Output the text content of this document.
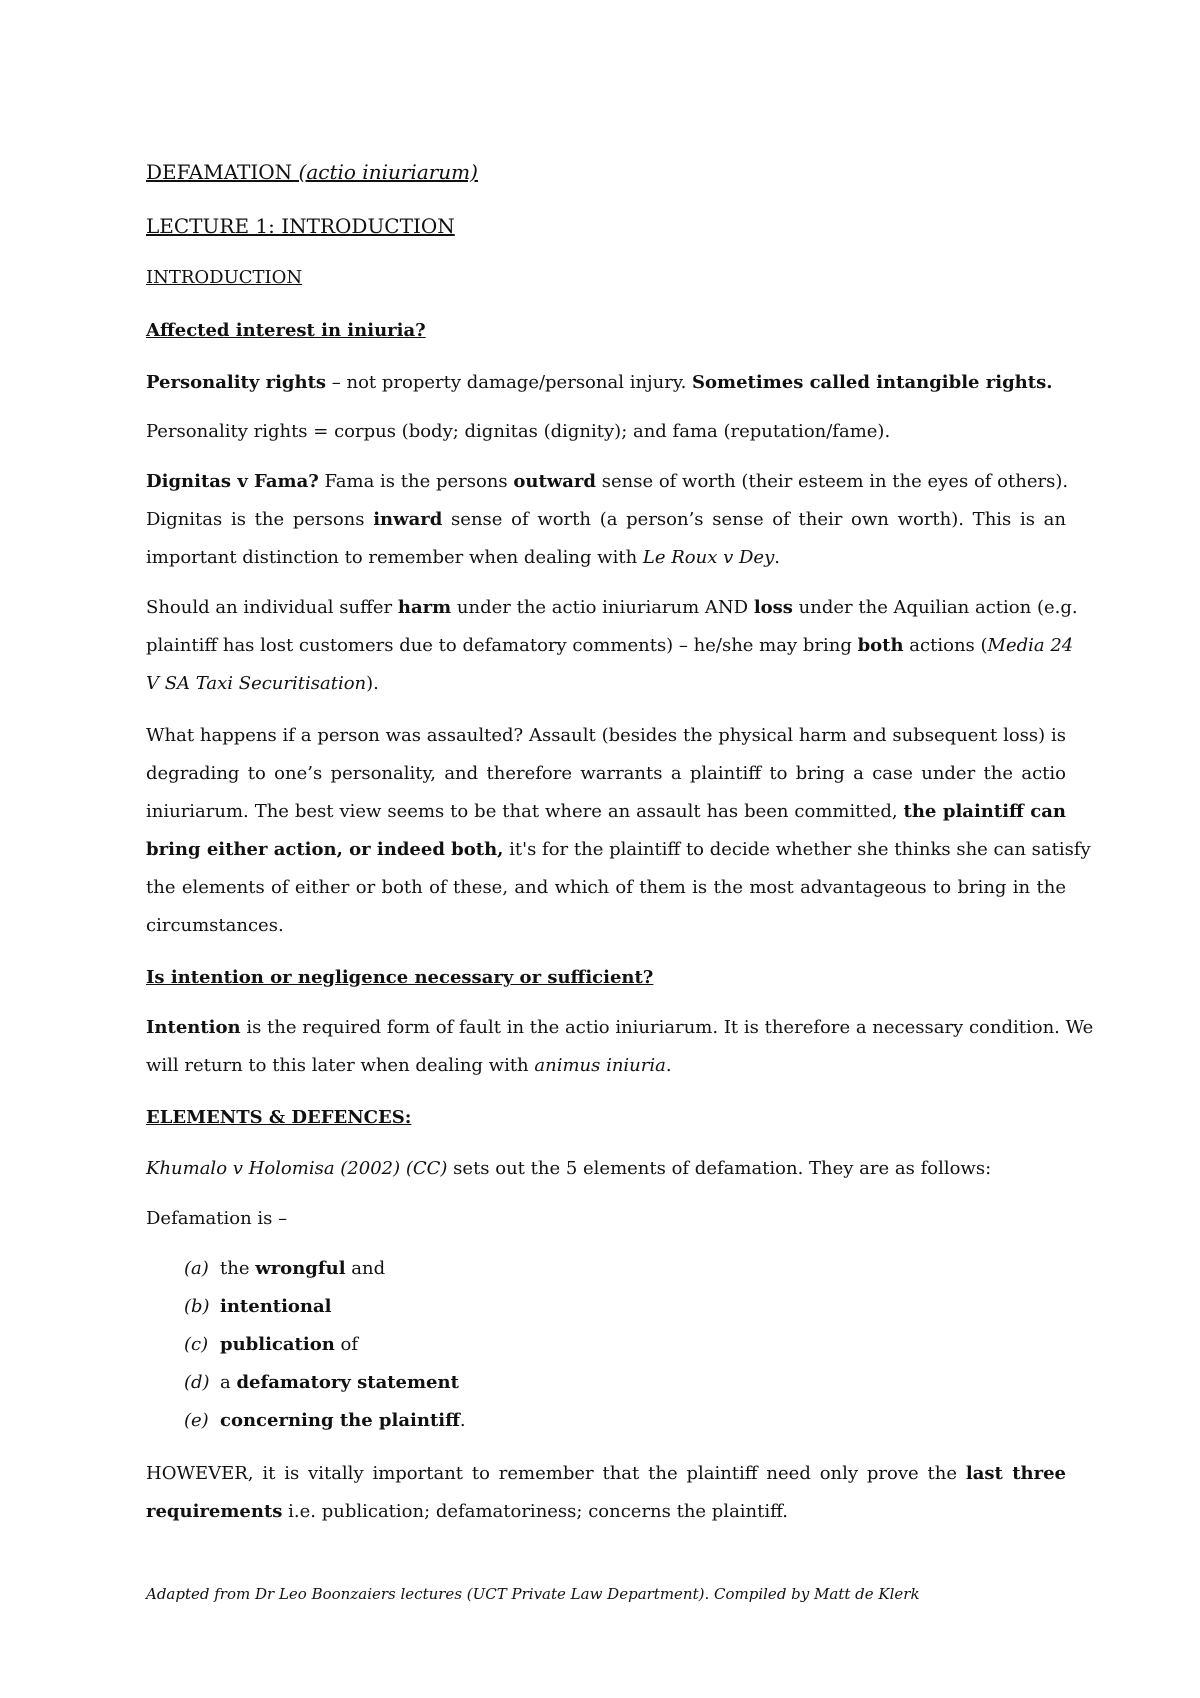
DEFAMATION (actio iniuriarum)
LECTURE 1: INTRODUCTION
INTRODUCTION
Affected interest in iniuria?
Personality rights – not property damage/personal injury. Sometimes called intangible rights.
Personality rights = corpus (body; dignitas (dignity); and fama (reputation/fame).
Dignitas v Fama? Fama is the persons outward sense of worth (their esteem in the eyes of others).
Dignitas is the persons inward sense of worth (a person’s sense of their own worth). This is an
important distinction to remember when dealing with Le Roux v Dey.
Should an individual suffer harm under the actio iniuriarum AND loss under the Aquilian action (e.g.
plaintiff has lost customers due to defamatory comments) – he/she may bring both actions (Media 24
V SA Taxi Securitisation).
What happens if a person was assaulted? Assault (besides the physical harm and subsequent loss) is
degrading to one’s personality, and therefore warrants a plaintiff to bring a case under the actio
iniuriarum. The best view seems to be that where an assault has been committed, the plaintiff can
bring either action, or indeed both, it's for the plaintiff to decide whether she thinks she can satisfy
the elements of either or both of these, and which of them is the most advantageous to bring in the
circumstances.
Is intention or negligence necessary or sufficient?
Intention is the required form of fault in the actio iniuriarum. It is therefore a necessary condition. We
will return to this later when dealing with animus iniuria.
ELEMENTS & DEFENCES:
Khumalo v Holomisa (2002) (CC) sets out the 5 elements of defamation. They are as follows:
Defamation is –
(a) the wrongful and
(b) intentional
(c) publication of
(d) a defamatory statement
(e) concerning the plaintiff.
HOWEVER, it is vitally important to remember that the plaintiff need only prove the last three
requirements i.e. publication; defamatoriness; concerns the plaintiff.
Adapted from Dr Leo Boonzaiers lectures (UCT Private Law Department). Compiled by Matt de Klerk
